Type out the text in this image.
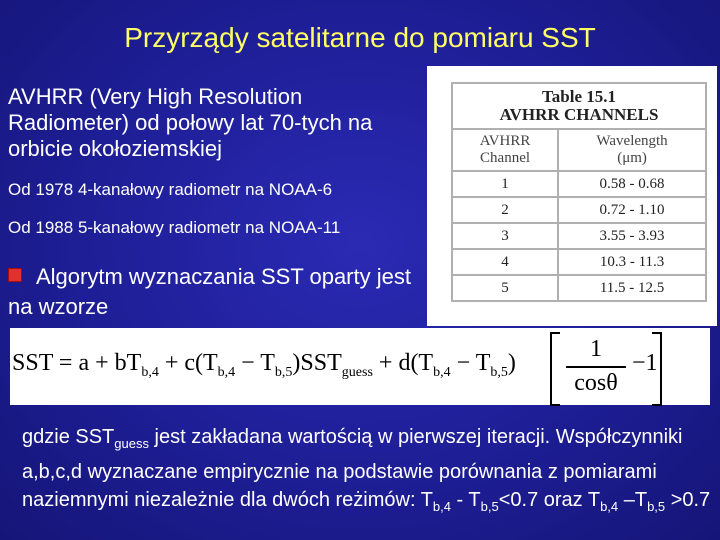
Przyrządy satelitarne do pomiaru SST
AVHRR (Very High Resolution Radiometer) od połowy lat 70-tych na orbicie okołoziemskiej
Od 1978 4-kanałowy radiometr na NOAA-6
Od 1988 5-kanałowy radiometr na NOAA-11
Algorytm wyznaczania SST oparty jest na wzorze
Table 15.1
AVHRR CHANNELS	
AVHRR
Channel	Wavelength
(μm)
1	0.58 - 0.68
2	0.72 - 1.10
3	3.55 - 3.93
4	10.3 - 11.3
5	11.5 - 12.5
SST = $a + bT_{b,4} + c(T_{b,4} - T_{b,5})SST_{guess} + d(T_{b,4} - T_{b,5})$
1
cosθ
−1
gdzie $SST_{guess}$ jest zakładana wartością w pierwszej iteracji. Współczynniki a,b,c,d wyznaczane empirycznie na podstawie porównania z pomiarami naziemnymi niezależnie dla dwóch reżimów: $T_{b,4} - T_{b,5}<0.7$ oraz $T_{b,4}$ $-T_{b,5} >0.7$
